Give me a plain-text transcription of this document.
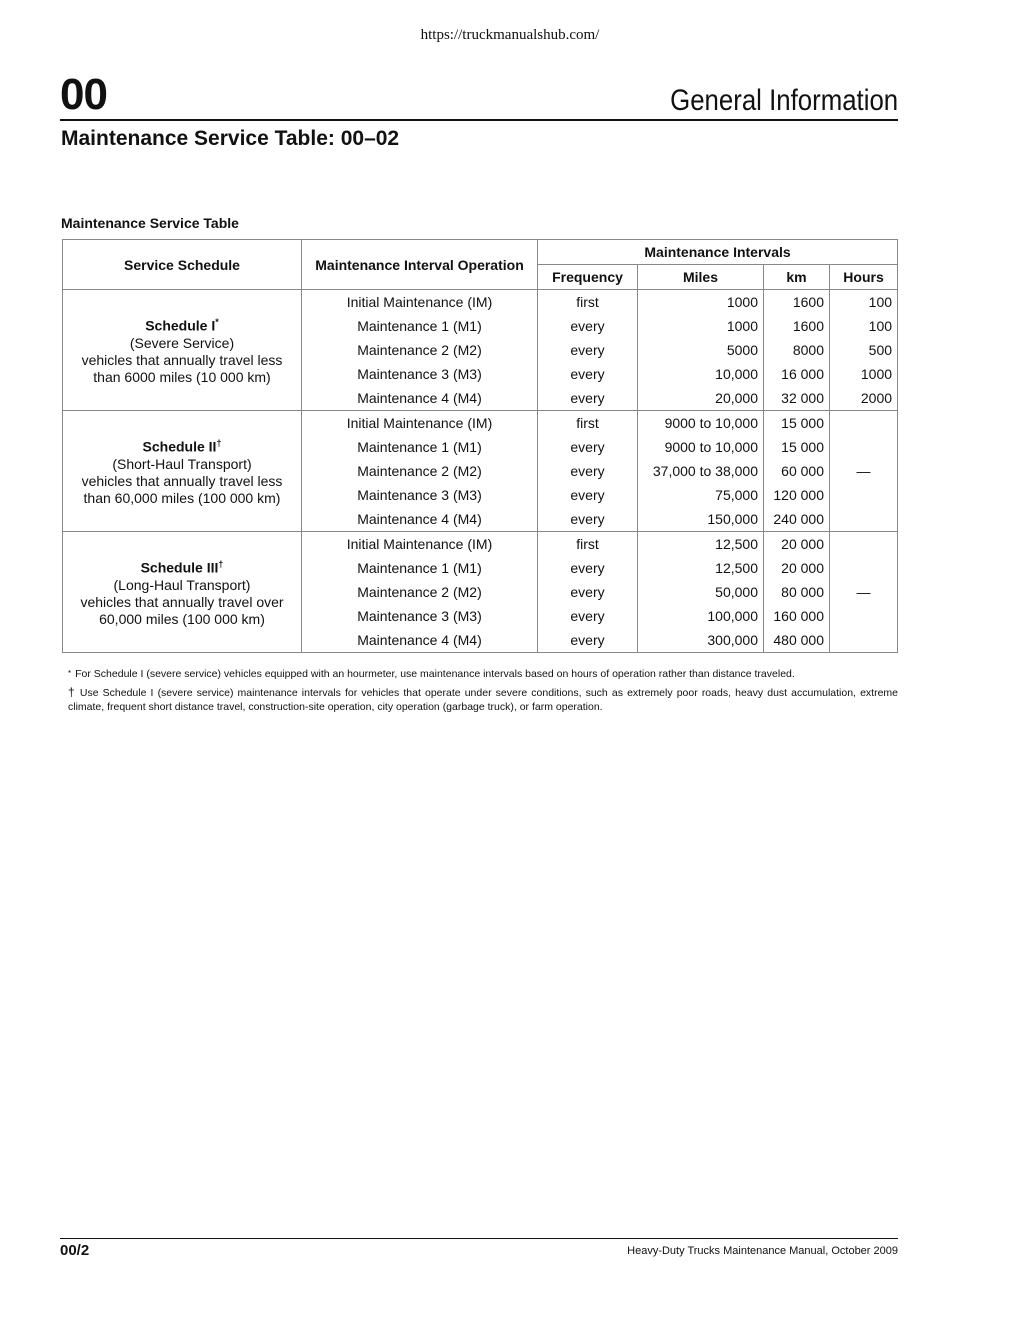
https://truckmanualshub.com/
00	General Information
Maintenance Service Table: 00–02
Maintenance Service Table
Service Schedule	Maintenance Interval Operation	Maintenance Intervals			
		Frequency	Miles	km	Hours

Schedule I*
(Severe Service)
vehicles that annually travel less
than 6000 miles (10 000 km)	Initial Maintenance (IM)	first	1000	1600	100
	Maintenance 1 (M1)	every	1000	1600	100
	Maintenance 2 (M2)	every	5000	8000	500
	Maintenance 3 (M3)	every	10,000	16 000	1000
	Maintenance 4 (M4)	every	20,000	32 000	2000

Schedule II†
(Short-Haul Transport)
vehicles that annually travel less
than 60,000 miles (100 000 km)	Initial Maintenance (IM)	first	9000 to 10,000	15 000	—
	Maintenance 1 (M1)	every	9000 to 10,000	15 000	
	Maintenance 2 (M2)	every	37,000 to 38,000	60 000	
	Maintenance 3 (M3)	every	75,000	120 000	
	Maintenance 4 (M4)	every	150,000	240 000	

Schedule III†
(Long-Haul Transport)
vehicles that annually travel over
60,000 miles (100 000 km)	Initial Maintenance (IM)	first	12,500	20 000	—
	Maintenance 1 (M1)	every	12,500	20 000	
	Maintenance 2 (M2)	every	50,000	80 000	
	Maintenance 3 (M3)	every	100,000	160 000	
	Maintenance 4 (M4)	every	300,000	480 000	
* For Schedule I (severe service) vehicles equipped with an hourmeter, use maintenance intervals based on hours of operation rather than distance traveled.
† Use Schedule I (severe service) maintenance intervals for vehicles that operate under severe conditions, such as extremely poor roads, heavy dust accumulation, extreme climate, frequent short distance travel, construction-site operation, city operation (garbage truck), or farm operation.
00/2	Heavy-Duty Trucks Maintenance Manual, October 2009
